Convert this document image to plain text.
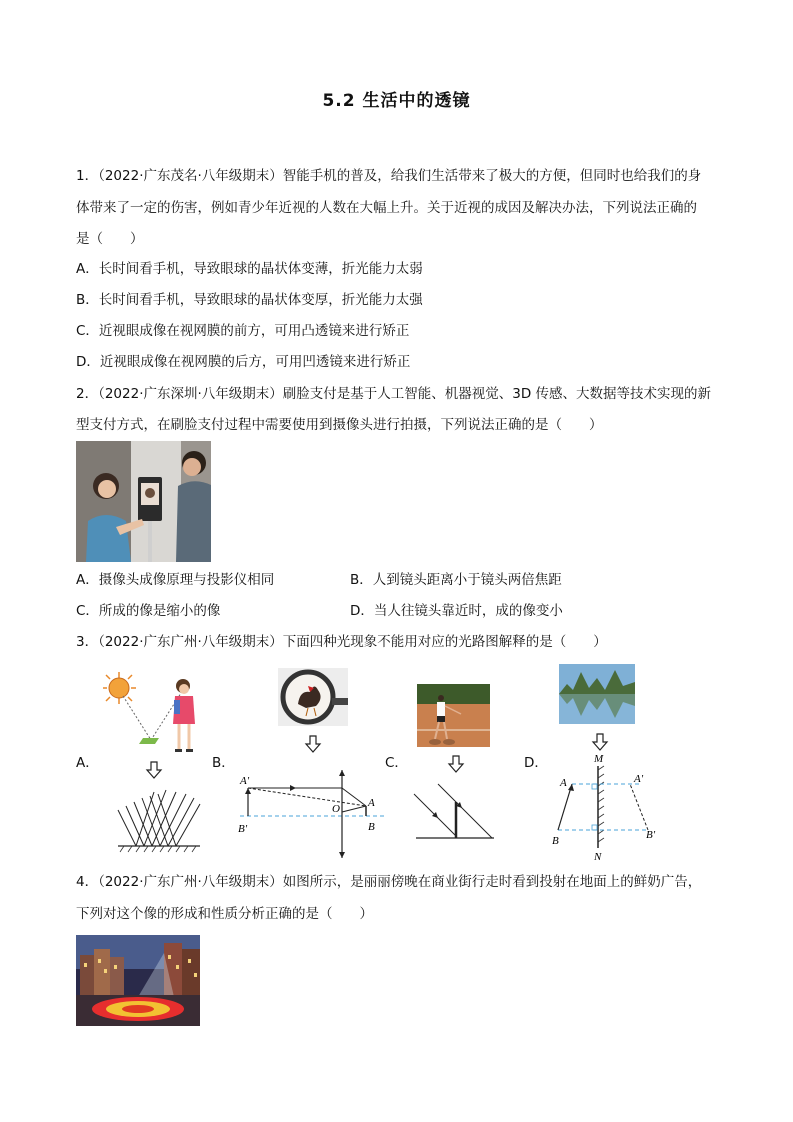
5.2 生活中的透镜
1．（2022·广东茂名·八年级期末）智能手机的普及，给我们生活带来了极大的方便，但同时也给我们的身
体带来了一定的伤害，例如青少年近视的人数在大幅上升。关于近视的成因及解决办法，下列说法正确的
是（　　）
A．长时间看手机，导致眼球的晶状体变薄，折光能力太弱
B．长时间看手机，导致眼球的晶状体变厚，折光能力太强
C．近视眼成像在视网膜的前方，可用凸透镜来进行矫正
D．近视眼成像在视网膜的后方，可用凹透镜来进行矫正
2．（2022·广东深圳·八年级期末）刷脸支付是基于人工智能、机器视觉、3D 传感、大数据等技术实现的新
型支付方式，在刷脸支付过程中需要使用到摄像头进行拍摄，下列说法正确的是（　　）
A．摄像头成像原理与投影仪相同	B．人到镜头距离小于镜头两倍焦距
C．所成的像是缩小的像	D．当人往镜头靠近时，成的像变小
3．（2022·广东广州·八年级期末）下面四种光现象不能用对应的光路图解释的是（　　）
A．	B．
A'
B'
O	A
B
C．	D．	M
A	A'
B	B'
N
4．（2022·广东广州·八年级期末）如图所示，是丽丽傍晚在商业街行走时看到投射在地面上的鲜奶广告，
下列对这个像的形成和性质分析正确的是（　　）
